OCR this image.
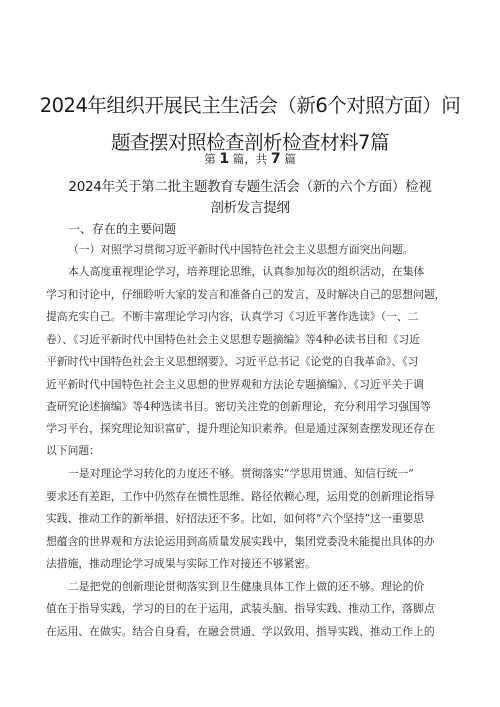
2024年组织开展民主生活会（新6个对照方面）问
题查摆对照检查剖析检查材料7篇
第 1 篇，共 7 篇
2024年关于第二批主题教育专题生活会（新的六个方面）检视
剖析发言提纲
一、存在的主要问题
（一）对照学习贯彻习近平新时代中国特色社会主义思想方面突出问题。
本人高度重视理论学习，培养理论思维，认真参加每次的组织活动，在集体
学习和讨论中，仔细聆听大家的发言和准备自己的发言，及时解决自己的思想问题，
提高充实自己。不断丰富理论学习内容，认真学习《习近平著作选读》（一、二
卷）、《习近平新时代中国特色社会主义思想专题摘编》等4种必读书目和《习近
平新时代中国特色社会主义思想纲要》、习近平总书记《论党的自我革命》、《习
近平新时代中国特色社会主义思想的世界观和方法论专题摘编》、《习近平关于调
查研究论述摘编》等4种选读书目。密切关注党的创新理论，充分利用学习强国等
学习平台，探究理论知识富矿，提升理论知识素养。但是通过深刻查摆发现还存在
以下问题：
一是对理论学习转化的力度还不够。贯彻落实“学思用贯通、知信行统一”
要求还有差距，工作中仍然存在惯性思维、路径依赖心理，运用党的创新理论指导
实践、推动工作的新举措、好招法还不多。比如，如何将“六个坚持”这一重要思
想蕴含的世界观和方法论运用到高质量发展实践中，集团党委没未能提出具体的办
法措施，推动理论学习成果与实际工作对接还不够紧密。
二是把党的创新理论贯彻落实到卫生健康具体工作上做的还不够。理论的价
值在于指导实践，学习的目的在于运用，武装头脑、指导实践、推动工作，落脚点
在运用、在做实。结合自身看，在融会贯通、学以致用、指导实践、推动工作上的
